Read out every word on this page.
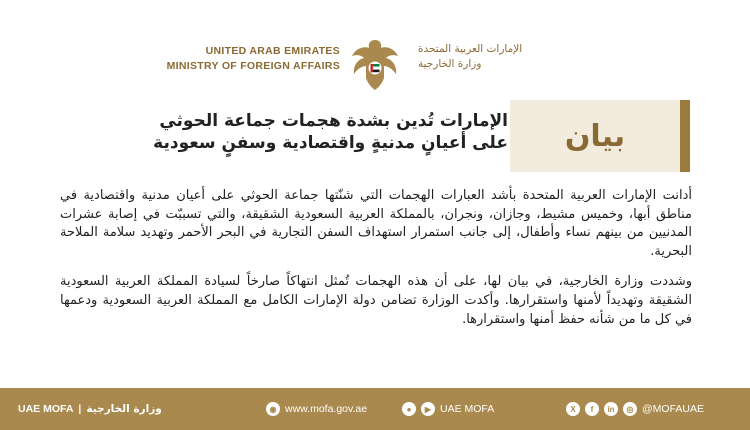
UNITED ARAB EMIRATES
MINISTRY OF FOREIGN AFFAIRS
الإمارات العربية المتحدة
وزارة الخارجية
الإمارات تُدين بشدة هجمات جماعة الحوثي
على أعيانٍ مدنيةٍ واقتصادية وسفنٍ سعودية	بيان

أدانت الإمارات العربية المتحدة بأشد العبارات الهجمات التي شنّتها جماعة الحوثي على أعيان مدنية واقتصادية في مناطق أبها، وخميس مشيط، وجازان، ونجران، بالمملكة العربية السعودية الشقيقة، والتي تسببّت في إصابة عشرات المدنيين من بينهم نساء وأطفال، إلى جانب استمرار استهداف السفن التجارية في البحر الأحمر وتهديد سلامة الملاحة البحرية.

وشددت وزارة الخارجية، في بيان لها، على أن هذه الهجمات تُمثل انتهاكاً صارخاً لسيادة المملكة العربية السعودية الشقيقة وتهديداً لأمنها واستقرارها. وأكدت الوزارة تضامن دولة الإمارات الكامل مع المملكة العربية السعودية ودعمها في كل ما من شأنه حفظ أمنها واستقرارها.

UAE MOFA | وزارة الخارجية	◉ www.mofa.gov.ae	●	▶ UAE MOFA	X	f	in	◎ @MOFAUAE
